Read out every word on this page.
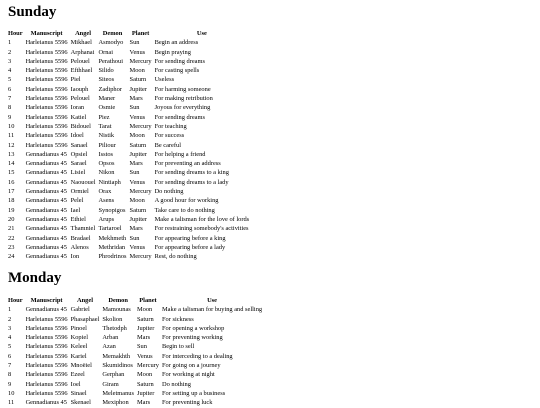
Sunday
Hour	Manuscript	Angel	Demon	Planet	Use
1	Harleianus 5596	Mikhael	Asmodyo	Sun	Begin an address
2	Harleianus 5596	Arphanai	Ornai	Venus	Begin praying
3	Harleianus 5596	Pelouel	Perathoui	Mercury	For sending dreams
4	Harleianus 5596	Efthhael	Silido	Moon	For casting spells
5	Harleianus 5596	Piel	Siteos	Saturn	Useless
6	Harleianus 5596	Iaouph	Zadiphor	Jupiter	For harming someone
7	Harleianus 5596	Pelouel	Maner	Mars	For making retribution
8	Harleianus 5596	Ioran	Osmie	Sun	Joyous for everything
9	Harleianus 5596	Katiel	Piez	Venus	For sending dreams
10	Harleianus 5596	Bidouel	Tarat	Mercury	For teaching
11	Harleianus 5596	Idoel	Nistik	Moon	For success
12	Harleianus 5596	Sanael	Piliour	Saturn	Be careful
13	Gennadianus 45	Opsiel	Isstos	Jupiter	For helping a friend
14	Gennadianus 45	Sarael	Opsos	Mars	For preventing an address
15	Gennadianus 45	Lisiel	Nikon	Sun	For sending dreams to a king
16	Gennadianus 45	Naououel	Nintiaph	Venus	For sending dreams to a lady
17	Gennadianus 45	Ormiel	Orax	Mercury	Do nothing
18	Gennadianus 45	Pelel	Asens	Moon	A good hour for working
19	Gennadianus 45	Iael	Synopigos	Saturn	Take care to do nothing
20	Gennadianus 45	Ethiel	Arups	Jupiter	Make a talisman for the love of lords
21	Gennadianus 45	Thamniel	Tartaroel	Mars	For restraining somebody's activities
22	Gennadianus 45	Bradael	Mekhmeth	Sun	For appearing before a king
23	Gennadianus 45	Alenos	Methridan	Venus	For appearing before a lady
24	Gennadianus 45	Ion	Phrodrinos	Mercury	Rest, do nothing
Monday
Hour	Manuscript	Angel	Demon	Planet	Use
1	Gennadianus 45	Gabriel	Mamounas	Moon	Make a talisman for buying and selling
2	Harleianus 5596	Phasaphael	Skolion	Saturn	For sickness
3	Harleianus 5596	Pinoel	Thetodph	Jupiter	For opening a workshop
4	Harleianus 5596	Kopiel	Arban	Mars	For preventing working
5	Harleianus 5596	Keleel	Azan	Sun	Begin to sell
6	Harleianus 5596	Kariel	Memakhth	Venus	For interceding to a dealing
7	Harleianus 5596	Mnoёiel	Skumidinos	Mercury	For going on a journey
8	Harleianus 5596	Ezeel	Gerphan	Moon	For working at night
9	Harleianus 5596	Ioel	Giram	Saturn	Do nothing
10	Harleianus 5596	Sinael	Meletmanus	Jupiter	For setting up a business
11	Gennadianus 45	Skenael	Mexiphon	Mars	For preventing luck
